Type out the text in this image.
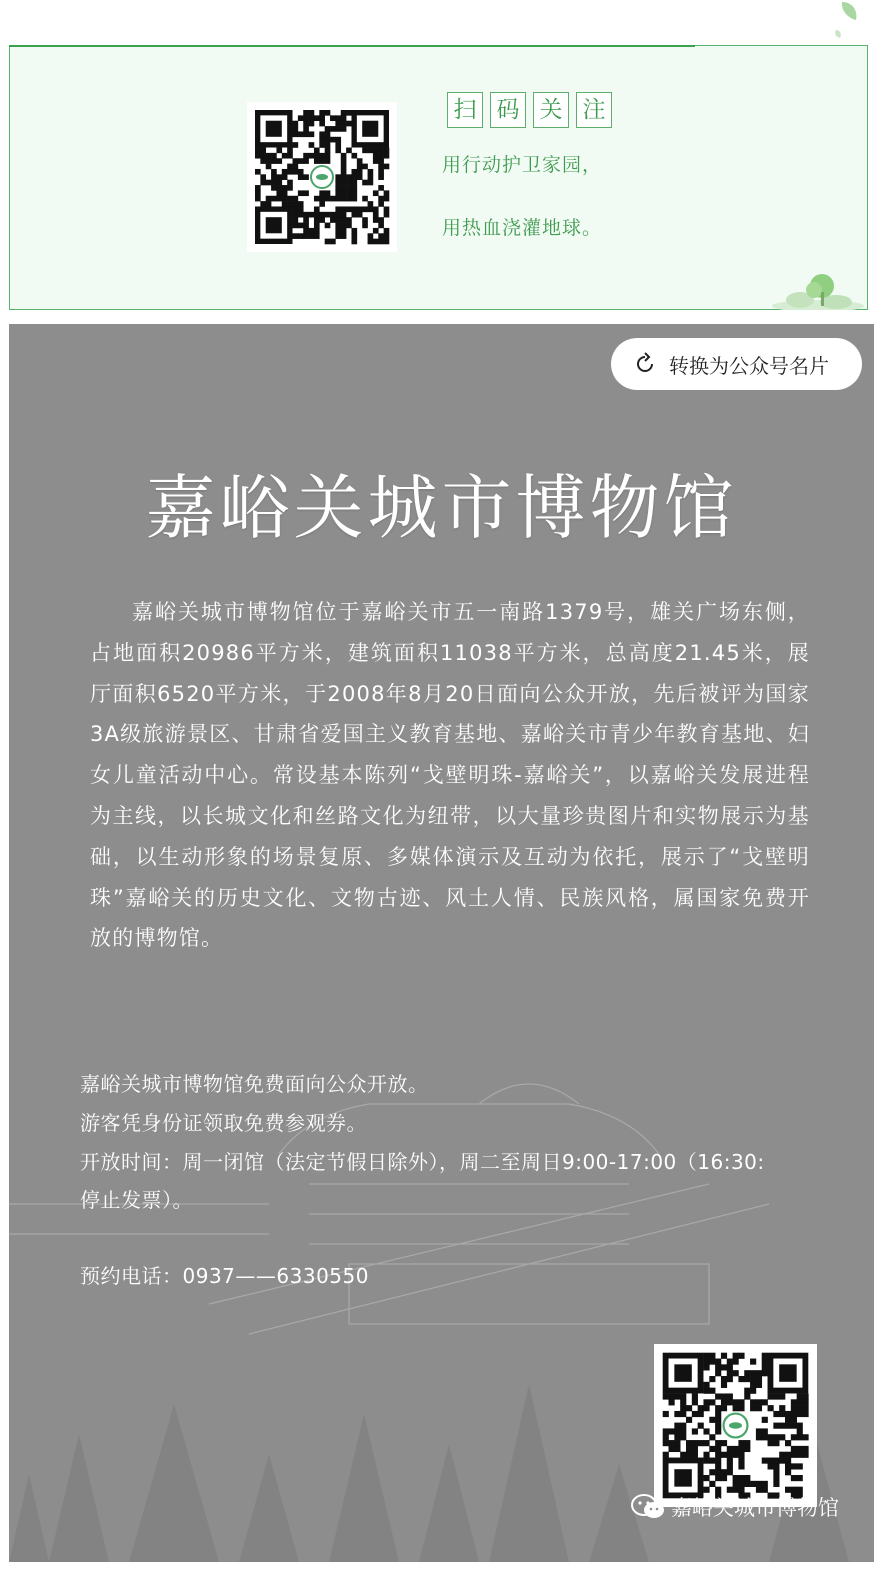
扫 码 关 注
用行动护卫家园，
用热血浇灌地球。
转换为公众号名片
嘉峪关城市博物馆
嘉峪关城市博物馆位于嘉峪关市五一南路1379号，雄关广场东侧，占地面积20986平方米，建筑面积11038平方米，总高度21.45米，展厅面积6520平方米，于2008年8月20日面向公众开放，先后被评为国家3A级旅游景区、甘肃省爱国主义教育基地、嘉峪关市青少年教育基地、妇女儿童活动中心。常设基本陈列“戈壁明珠-嘉峪关”，以嘉峪关发展进程为主线，以长城文化和丝路文化为纽带，以大量珍贵图片和实物展示为基础，以生动形象的场景复原、多媒体演示及互动为依托，展示了“戈壁明珠”嘉峪关的历史文化、文物古迹、风土人情、民族风格，属国家免费开放的博物馆。
嘉峪关城市博物馆免费面向公众开放。
游客凭身份证领取免费参观券。
开放时间：周一闭馆（法定节假日除外），周二至周日9:00-17:00（16:30:
停止发票）。
预约电话：0937——6330550
嘉峪关城市博物馆
